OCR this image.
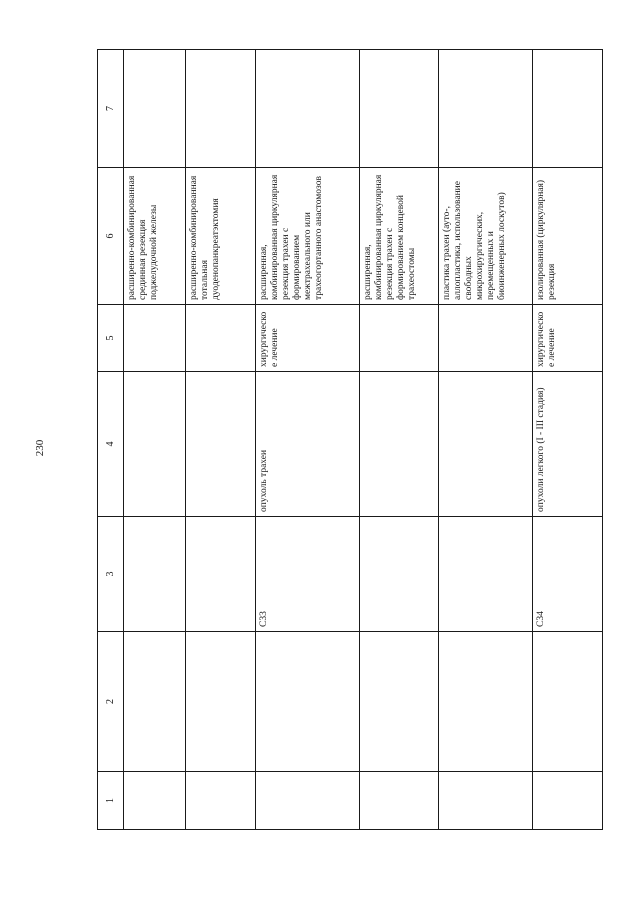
230
1	2	3	4	5	6	7
					расширенно-комбинированная срединная резекция поджелудочной железы	
					расширенно-комбинированная тотальная дуоденопанкреатэктомия	
		C33	опухоль трахеи	хирургическое лечение	расширенная, комбинированная циркулярная резекция трахеи с формированием межтрахеального или трахеогортанного анастомозов	
					расширенная, комбинированная циркулярная резекция трахеи с формированием концевой трахеостомы	
					пластика трахеи (ауто-, аллопластика, использование свободных микрохирургических, перемещенных и биоинженерных лоскутов)	
		C34	опухоли легкого (I - III стадия)	хирургическое лечение	изолированная (циркулярная) резекция	
